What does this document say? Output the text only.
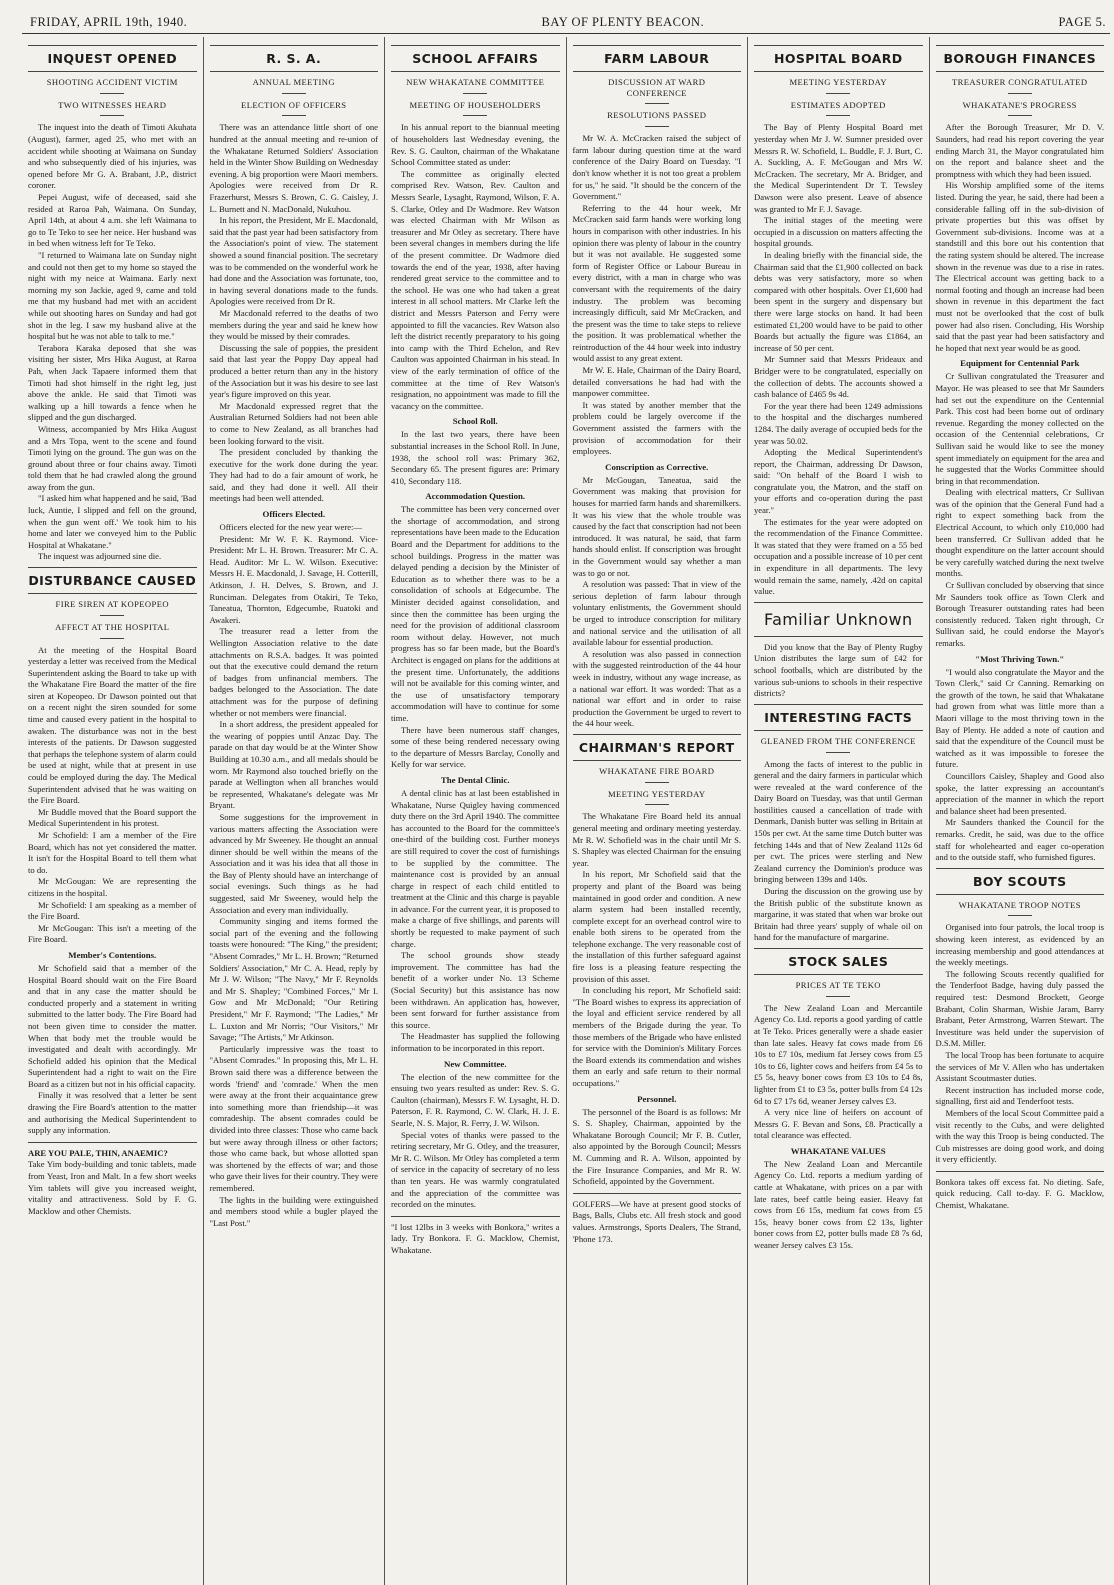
FRIDAY, APRIL 19th, 1940.	BAY OF PLENTY BEACON.	PAGE 5.
INQUEST OPENED
SHOOTING ACCIDENT VICTIM
TWO WITNESSES HEARD

The inquest into the death of Timoti Akuhata (August), farmer, aged 25, who met with an accident while shooting at Waimana on Sunday and who subsequently died of his injuries, was opened before Mr G. A. Brabant, J.P., district coroner.

Pepei August, wife of deceased, said she resided at Raroa Pah, Waimana. On Sunday, April 14th, at about 4 a.m. she left Waimana to go to Te Teko to see her neice. Her husband was in bed when witness left for Te Teko.

"I returned to Waimana late on Sunday night and could not then get to my home so stayed the night with my neice at Waimana. Early next morning my son Jackie, aged 9, came and told me that my husband had met with an accident while out shooting hares on Sunday and had got shot in the leg. I saw my husband alive at the hospital but he was not able to talk to me."

Terabora Karaka deposed that she was visiting her sister, Mrs Hika August, at Raroa Pah, when Jack Tapaere informed them that Timoti had shot himself in the right leg, just above the ankle. He said that Timoti was walking up a hill towards a fence when he slipped and the gun discharged.

Witness, accompanied by Mrs Hika August and a Mrs Topa, went to the scene and found Timoti lying on the ground. The gun was on the ground about three or four chains away. Timoti told them that he had crawled along the ground away from the gun.

"I asked him what happened and he said, 'Bad luck, Auntie, I slipped and fell on the ground, when the gun went off.' We took him to his home and later we conveyed him to the Public Hospital at Whakatane."

The inquest was adjourned sine die.

DISTURBANCE CAUSED
FIRE SIREN AT KOPEOPEO
AFFECT AT THE HOSPITAL

At the meeting of the Hospital Board yesterday a letter was received from the Medical Superintendent asking the Board to take up with the Whakatane Fire Board the matter of the fire siren at Kopeopeo. Dr Dawson pointed out that on a recent night the siren sounded for some time and caused every patient in the hospital to awaken. The disturbance was not in the best interests of the patients. Dr Dawson suggested that perhaps the telephone system of alarm could be used at night, while that at present in use could be employed during the day. The Medical Superintendent advised that he was waiting on the Fire Board.

Mr Buddle moved that the Board support the Medical Superintendent in his protest.

Mr Schofield: I am a member of the Fire Board, which has not yet considered the matter. It isn't for the Hospital Board to tell them what to do.

Mr McGougan: We are representing the citizens in the hospital.

Mr Schofield: I am speaking as a member of the Fire Board.

Mr McGougan: This isn't a meeting of the Fire Board.

Member's Contentions.

Mr Schofield said that a member of the Hospital Board should wait on the Fire Board and that in any case the matter should be conducted properly and a statement in writing submitted to the latter body. The Fire Board had not been given time to consider the matter. When that body met the trouble would be investigated and dealt with accordingly. Mr Schofield added his opinion that the Medical Superintendent had a right to wait on the Fire Board as a citizen but not in his official capacity.

Finally it was resolved that a letter be sent drawing the Fire Board's attention to the matter and authorising the Medical Superintendent to supply any information.

ARE YOU PALE, THIN, ANAEMIC?
Take Yim body-building and tonic tablets, made from Yeast, Iron and Malt. In a few short weeks Yim tablets will give you increased weight, vitality and attractiveness. Sold by F. G. Macklow and other Chemists.
R. S. A.
ANNUAL MEETING
ELECTION OF OFFICERS

There was an attendance little short of one hundred at the annual meeting and re-union of the Whakatane Returned Soldiers' Association held in the Winter Show Building on Wednesday evening. A big proportion were Maori members. Apologies were received from Dr R. Frazerhurst, Messrs S. Brown, C. G. Caisley, J. L. Burnett and N. MacDonald, Nukuhou.

In his report, the President, Mr E. Macdonald, said that the past year had been satisfactory from the Association's point of view. The statement showed a sound financial position. The secretary was to be commended on the wonderful work he had done and the Association was fortunate, too, in having several donations made to the funds. Apologies were received from Dr R.

Mr Macdonald referred to the deaths of two members during the year and said he knew how they would be missed by their comrades.

Discussing the sale of poppies, the president said that last year the Poppy Day appeal had produced a better return than any in the history of the Association but it was his desire to see last year's figure improved on this year.

Mr Macdonald expressed regret that the Australian Returned Soldiers had not been able to come to New Zealand, as all branches had been looking forward to the visit.

The president concluded by thanking the executive for the work done during the year. They had had to do a fair amount of work, he said, and they had done it well. All their meetings had been well attended.

Officers Elected.

Officers elected for the new year were:—

President: Mr W. F. K. Raymond. Vice-President: Mr L. H. Brown. Treasurer: Mr C. A. Head. Auditor: Mr L. W. Wilson. Executive: Messrs H. E. Macdonald, J. Savage, H. Cotterill, Atkinson, J. H. Delves, S. Brown, and J. Runciman. Delegates from Otakiri, Te Teko, Taneatua, Thornton, Edgecumbe, Ruatoki and Awakeri.

The treasurer read a letter from the Wellington Association relative to the date attachments on R.S.A. badges. It was pointed out that the executive could demand the return of badges from unfinancial members. The badges belonged to the Association. The date attachment was for the purpose of defining whether or not members were financial.

In a short address, the president appealed for the wearing of poppies until Anzac Day. The parade on that day would be at the Winter Show Building at 10.30 a.m., and all medals should be worn. Mr Raymond also touched briefly on the parade at Wellington when all branches would be represented, Whakatane's delegate was Mr Bryant.

Some suggestions for the improvement in various matters affecting the Association were advanced by Mr Sweeney. He thought an annual dinner should be well within the means of the Association and it was his idea that all those in the Bay of Plenty should have an interchange of social evenings. Such things as he had suggested, said Mr Sweeney, would help the Association and every man individually.

Community singing and items formed the social part of the evening and the following toasts were honoured: "The King," the president; "Absent Comrades," Mr L. H. Brown; "Returned Soldiers' Association," Mr C. A. Head, reply by Mr J. W. Wilson; "The Navy," Mr F. Reynolds and Mr S. Shapley; "Combined Forces," Mr I. Gow and Mr McDonald; "Our Retiring President," Mr F. Raymond; "The Ladies," Mr L. Luxton and Mr Norris; "Our Visitors," Mr Savage; "The Artists," Mr Atkinson.

Particularly impressive was the toast to "Absent Comrades." In proposing this, Mr L. H. Brown said there was a difference between the words 'friend' and 'comrade.' When the men were away at the front their acquaintance grew into something more than friendship—it was comradeship. The absent comrades could be divided into three classes: Those who came back but were away through illness or other factors; those who came back, but whose allotted span was shortened by the effects of war; and those who gave their lives for their country. They were remembered.

The lights in the building were extinguished and members stood while a bugler played the "Last Post."

SCHOOL AFFAIRS
NEW WHAKATANE COMMITTEE
MEETING OF HOUSEHOLDERS

In his annual report to the biannual meeting of householders last Wednesday evening, the Rev. S. G. Caulton, chairman of the Whakatane School Committee stated as under:

The committee as originally elected comprised Rev. Watson, Rev. Caulton and Messrs Searle, Lysaght, Raymond, Wilson, F. A. S. Clarke, Otley and Dr Wadmore. Rev Watson was elected Chairman with Mr Wilson as treasurer and Mr Otley as secretary. There have been several changes in members during the life of the present committee. Dr Wadmore died towards the end of the year, 1938, after having rendered great service to the committee and to the school. He was one who had taken a great interest in all school matters. Mr Clarke left the district and Messrs Paterson and Ferry were appointed to fill the vacancies. Rev Watson also left the district recently preparatory to his going into camp with the Third Echelon, and Rev Caulton was appointed Chairman in his stead. In view of the early termination of office of the committee at the time of Rev Watson's resignation, no appointment was made to fill the vacancy on the committee.

School Roll.

In the last two years, there have been substantial increases in the School Roll. In June, 1938, the school roll was: Primary 362, Secondary 65. The present figures are: Primary 410, Secondary 118.

Accommodation Question.

The committee has been very concerned over the shortage of accommodation, and strong representations have been made to the Education Board and the Department for additions to the school buildings. Progress in the matter was delayed pending a decision by the Minister of Education as to whether there was to be a consolidation of schools at Edgecumbe. The Minister decided against consolidation, and since then the committee has been urging the need for the provision of additional classroom room without delay. However, not much progress has so far been made, but the Board's Architect is engaged on plans for the additions at the present time. Unfortunately, the additions will not be available for this coming winter, and the use of unsatisfactory temporary accommodation will have to continue for some time.

There have been numerous staff changes, some of these being rendered necessary owing to the departure of Messrs Barclay, Conolly and Kelly for war service.

The Dental Clinic.

A dental clinic has at last been established in Whakatane, Nurse Quigley having commenced duty there on the 3rd April 1940. The committee has accounted to the Board for the committee's one-third of the building cost. Further moneys are still required to cover the cost of furnishings to be supplied by the committee. The maintenance cost is provided by an annual charge in respect of each child entitled to treatment at the Clinic and this charge is payable in advance. For the current year, it is proposed to make a charge of five shillings, and parents will shortly be requested to make payment of such charge.

The school grounds show steady improvement. The committee has had the benefit of a worker under No. 13 Scheme (Social Security) but this assistance has now been withdrawn. An application has, however, been sent forward for further assistance from this source.

The Headmaster has supplied the following information to be incorporated in this report.

New Committee.

The election of the new committee for the ensuing two years resulted as under: Rev. S. G. Caulton (chairman), Messrs F. W. Lysaght, H. D. Paterson, F. R. Raymond, C. W. Clark, H. J. E. Searle, N. S. Major, R. Ferry, J. W. Wilson.

Special votes of thanks were passed to the retiring secretary, Mr G. Otley, and the treasurer, Mr R. C. Wilson. Mr Otley has completed a term of service in the capacity of secretary of no less than ten years. He was warmly congratulated and the appreciation of the committee was recorded on the minutes.

"I lost 12lbs in 3 weeks with Bonkora," writes a lady. Try Bonkora. F. G. Macklow, Chemist, Whakatane.
FARM LABOUR
DISCUSSION AT WARD CONFERENCE
RESOLUTIONS PASSED

Mr W. A. McCracken raised the subject of farm labour during question time at the ward conference of the Dairy Board on Tuesday. "I don't know whether it is not too great a problem for us," he said. "It should be the concern of the Government."

Referring to the 44 hour week, Mr McCracken said farm hands were working long hours in comparison with other industries. In his opinion there was plenty of labour in the country but it was not available. He suggested some form of Register Office or Labour Bureau in every district, with a man in charge who was conversant with the requirements of the dairy industry. The problem was becoming increasingly difficult, said Mr McCracken, and the present was the time to take steps to relieve the position. It was problematical whether the reintroduction of the 44 hour week into industry would assist to any great extent.

Mr W. E. Hale, Chairman of the Dairy Board, detailed conversations he had had with the manpower committee.

It was stated by another member that the problem could be largely overcome if the Government assisted the farmers with the provision of accommodation for their employees.

Conscription as Corrective.

Mr McGougan, Taneatua, said the Government was making that provision for houses for married farm hands and sharemilkers. It was his view that the whole trouble was caused by the fact that conscription had not been introduced. It was natural, he said, that farm hands should enlist. If conscription was brought in the Government would say whether a man was to go or not.

A resolution was passed: That in view of the serious depletion of farm labour through voluntary enlistments, the Government should be urged to introduce conscription for military and national service and the utilisation of all available labour for essential production.

A resolution was also passed in connection with the suggested reintroduction of the 44 hour week in industry, without any wage increase, as a national war effort. It was worded: That as a national war effort and in order to raise production the Government be urged to revert to the 44 hour week.

CHAIRMAN'S REPORT
WHAKATANE FIRE BOARD
MEETING YESTERDAY

The Whakatane Fire Board held its annual general meeting and ordinary meeting yesterday. Mr R. W. Schofield was in the chair until Mr S. S. Shapley was elected Chairman for the ensuing year.

In his report, Mr Schofield said that the property and plant of the Board was being maintained in good order and condition. A new alarm system had been installed recently, complete except for an overhead control wire to enable both sirens to be operated from the telephone exchange. The very reasonable cost of the installation of this further safeguard against fire loss is a pleasing feature respecting the provision of this asset.

In concluding his report, Mr Schofield said: "The Board wishes to express its appreciation of the loyal and efficient service rendered by all members of the Brigade during the year. To those members of the Brigade who have enlisted for service with the Dominion's Military Forces the Board extends its commendation and wishes them an early and safe return to their normal occupations."

Personnel.

The personnel of the Board is as follows: Mr S. S. Shapley, Chairman, appointed by the Whakatane Borough Council; Mr F. B. Cutler, also appointed by the Borough Council; Messrs M. Cumming and R. A. Wilson, appointed by the Fire Insurance Companies, and Mr R. W. Schofield, appointed by the Government.

GOLFERS—We have at present good stocks of Bags, Balls, Clubs etc. All fresh stock and good values. Armstrongs, Sports Dealers, The Strand, 'Phone 173.
HOSPITAL BOARD
MEETING YESTERDAY
ESTIMATES ADOPTED

The Bay of Plenty Hospital Board met yesterday when Mr J. W. Sumner presided over Messrs R. W. Schofield, L. Buddle, F. J. Burt, C. A. Suckling, A. F. McGougan and Mrs W. McCracken. The secretary, Mr A. Bridger, and the Medical Superintendent Dr T. Tewsley Dawson were also present. Leave of absence was granted to Mr F. J. Savage.

The initial stages of the meeting were occupied in a discussion on matters affecting the hospital grounds.

In dealing briefly with the financial side, the Chairman said that the £1,900 collected on back debts was very satisfactory, more so when compared with other hospitals. Over £1,600 had been spent in the surgery and dispensary but there were large stocks on hand. It had been estimated £1,200 would have to be paid to other Boards but actually the figure was £1864, an increase of 50 per cent.

Mr Sumner said that Messrs Prideaux and Bridger were to be congratulated, especially on the collection of debts. The accounts showed a cash balance of £465 9s 4d.

For the year there had been 1249 admissions to the hospital and the discharges numbered 1284. The daily average of occupied beds for the year was 50.02.

Adopting the Medical Superintendent's report, the Chairman, addressing Dr Dawson, said: "On behalf of the Board I wish to congratulate you, the Matron, and the staff on your efforts and co-operation during the past year."

The estimates for the year were adopted on the recommendation of the Finance Committee. It was stated that they were framed on a 55 bed occupation and a possible increase of 10 per cent in expenditure in all departments. The levy would remain the same, namely, .42d on capital value.

Familiar Unknown

Did you know that the Bay of Plenty Rugby Union distributes the large sum of £42 for school footballs, which are distributed by the various sub-unions to schools in their respective districts?

INTERESTING FACTS
GLEANED FROM THE CONFERENCE

Among the facts of interest to the public in general and the dairy farmers in particular which were revealed at the ward conference of the Dairy Board on Tuesday, was that until German hostilities caused a cancellation of trade with Denmark, Danish butter was selling in Britain at 150s per cwt. At the same time Dutch butter was fetching 144s and that of New Zealand 112s 6d per cwt. The prices were sterling and New Zealand currency the Dominion's produce was bringing between 139s and 140s.

During the discussion on the growing use by the British public of the substitute known as margarine, it was stated that when war broke out Britain had three years' supply of whale oil on hand for the manufacture of margarine.

STOCK SALES
PRICES AT TE TEKO

The New Zealand Loan and Mercantile Agency Co. Ltd. reports a good yarding of cattle at Te Teko. Prices generally were a shade easier than late sales. Heavy fat cows made from £6 10s to £7 10s, medium fat Jersey cows from £5 10s to £6, lighter cows and heifers from £4 5s to £5 5s, heavy boner cows from £3 10s to £4 8s, lighter from £1 to £3 5s, potter bulls from £4 12s 6d to £7 17s 6d, weaner Jersey calves £3.

A very nice line of heifers on account of Messrs G. F. Bevan and Sons, £8. Practically a total clearance was effected.

WHAKATANE VALUES

The New Zealand Loan and Mercantile Agency Co. Ltd. reports a medium yarding of cattle at Whakatane, with prices on a par with late rates, beef cattle being easier. Heavy fat cows from £6 15s, medium fat cows from £5 15s, heavy boner cows from £2 13s, lighter boner cows from £2, potter bulls made £8 7s 6d, weaner Jersey calves £3 15s.

BOROUGH FINANCES
TREASURER CONGRATULATED
WHAKATANE'S PROGRESS

After the Borough Treasurer, Mr D. V. Saunders, had read his report covering the year ending March 31, the Mayor congratulated him on the report and balance sheet and the promptness with which they had been issued.

His Worship amplified some of the items listed. During the year, he said, there had been a considerable falling off in the sub-division of private properties but this was offset by Government sub-divisions. Income was at a standstill and this bore out his contention that the rating system should be altered. The increase shown in the revenue was due to a rise in rates. The Electrical account was getting back to a normal footing and though an increase had been shown in revenue in this department the fact must not be overlooked that the cost of bulk power had also risen. Concluding, His Worship said that the past year had been satisfactory and he hoped that next year would be as good.

Equipment for Centennial Park

Cr Sullivan congratulated the Treasurer and Mayor. He was pleased to see that Mr Saunders had set out the expenditure on the Centennial Park. This cost had been borne out of ordinary revenue. Regarding the money collected on the occasion of the Centennial celebrations, Cr Sullivan said he would like to see the money spent immediately on equipment for the area and he suggested that the Works Committee should bring in that recommendation.

Dealing with electrical matters, Cr Sullivan was of the opinion that the General Fund had a right to expect something back from the Electrical Account, to which only £10,000 had been transferred. Cr Sullivan added that he thought expenditure on the latter account should be very carefully watched during the next twelve months.

Cr Sullivan concluded by observing that since Mr Saunders took office as Town Clerk and Borough Treasurer outstanding rates had been consistently reduced. Taken right through, Cr Sullivan said, he could endorse the Mayor's remarks.

"Most Thriving Town."

"I would also congratulate the Mayor and the Town Clerk," said Cr Canning. Remarking on the growth of the town, he said that Whakatane had grown from what was little more than a Maori village to the most thriving town in the Bay of Plenty. He added a note of caution and said that the expenditure of the Council must be watched as it was impossible to foresee the future.

Councillors Caisley, Shapley and Good also spoke, the latter expressing an accountant's appreciation of the manner in which the report and balance sheet had been presented.

Mr Saunders thanked the Council for the remarks. Credit, he said, was due to the office staff for wholehearted and eager co-operation and to the outside staff, who furnished figures.

BOY SCOUTS
WHAKATANE TROOP NOTES

Organised into four patrols, the local troop is showing keen interest, as evidenced by an increasing membership and good attendances at the weekly meetings.

The following Scouts recently qualified for the Tenderfoot Badge, having duly passed the required test: Desmond Brockett, George Brabant, Colin Sharman, Wishie Jaram, Barry Brabant, Peter Armstrong, Warren Stewart. The Investiture was held under the supervision of D.S.M. Miller.

The local Troop has been fortunate to acquire the services of Mr V. Allen who has undertaken Assistant Scoutmaster duties.

Recent instruction has included morse code, signalling, first aid and Tenderfoot tests.

Members of the local Scout Committee paid a visit recently to the Cubs, and were delighted with the way this Troop is being conducted. The Cub mistresses are doing good work, and doing it very efficiently.

Bonkora takes off excess fat. No dieting. Safe, quick reducing. Call to-day. F. G. Macklow, Chemist, Whakatane.
